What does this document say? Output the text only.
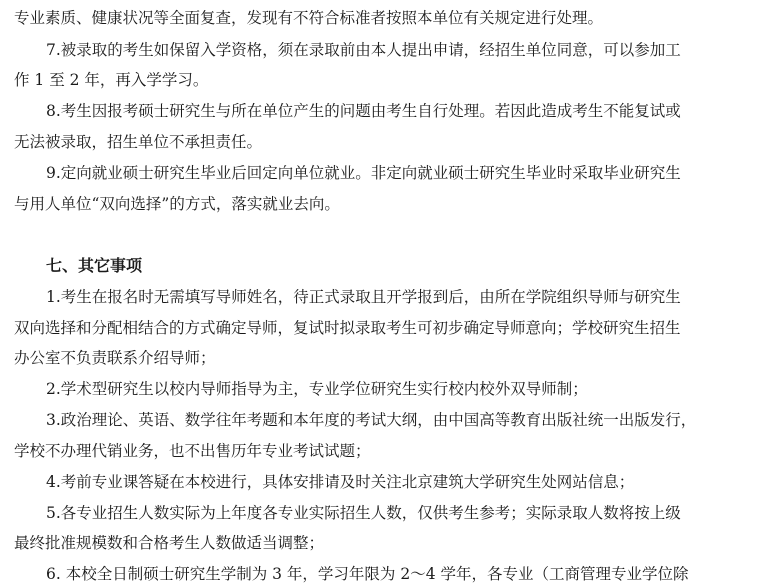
专业素质、健康状况等全面复查，发现有不符合标准者按照本单位有关规定进行处理。
7.被录取的考生如保留入学资格，须在录取前由本人提出申请，经招生单位同意，可以参加工
作 1 至 2 年，再入学学习。
8.考生因报考硕士研究生与所在单位产生的问题由考生自行处理。若因此造成考生不能复试或
无法被录取，招生单位不承担责任。
9.定向就业硕士研究生毕业后回定向单位就业。非定向就业硕士研究生毕业时采取毕业研究生
与用人单位“双向选择”的方式，落实就业去向。
七、其它事项
1.考生在报名时无需填写导师姓名，待正式录取且开学报到后，由所在学院组织导师与研究生
双向选择和分配相结合的方式确定导师，复试时拟录取考生可初步确定导师意向；学校研究生招生
办公室不负责联系介绍导师；
2.学术型研究生以校内导师指导为主，专业学位研究生实行校内校外双导师制；
3.政治理论、英语、数学往年考题和本年度的考试大纲，由中国高等教育出版社统一出版发行，
学校不办理代销业务，也不出售历年专业考试试题；
4.考前专业课答疑在本校进行，具体安排请及时关注北京建筑大学研究生处网站信息；
5.各专业招生人数实际为上年度各专业实际招生人数，仅供考生参考；实际录取人数将按上级
最终批准规模数和合格考生人数做适当调整；
6. 本校全日制硕士研究生学制为 3 年，学习年限为 2～4 学年，各专业（工商管理专业学位除
